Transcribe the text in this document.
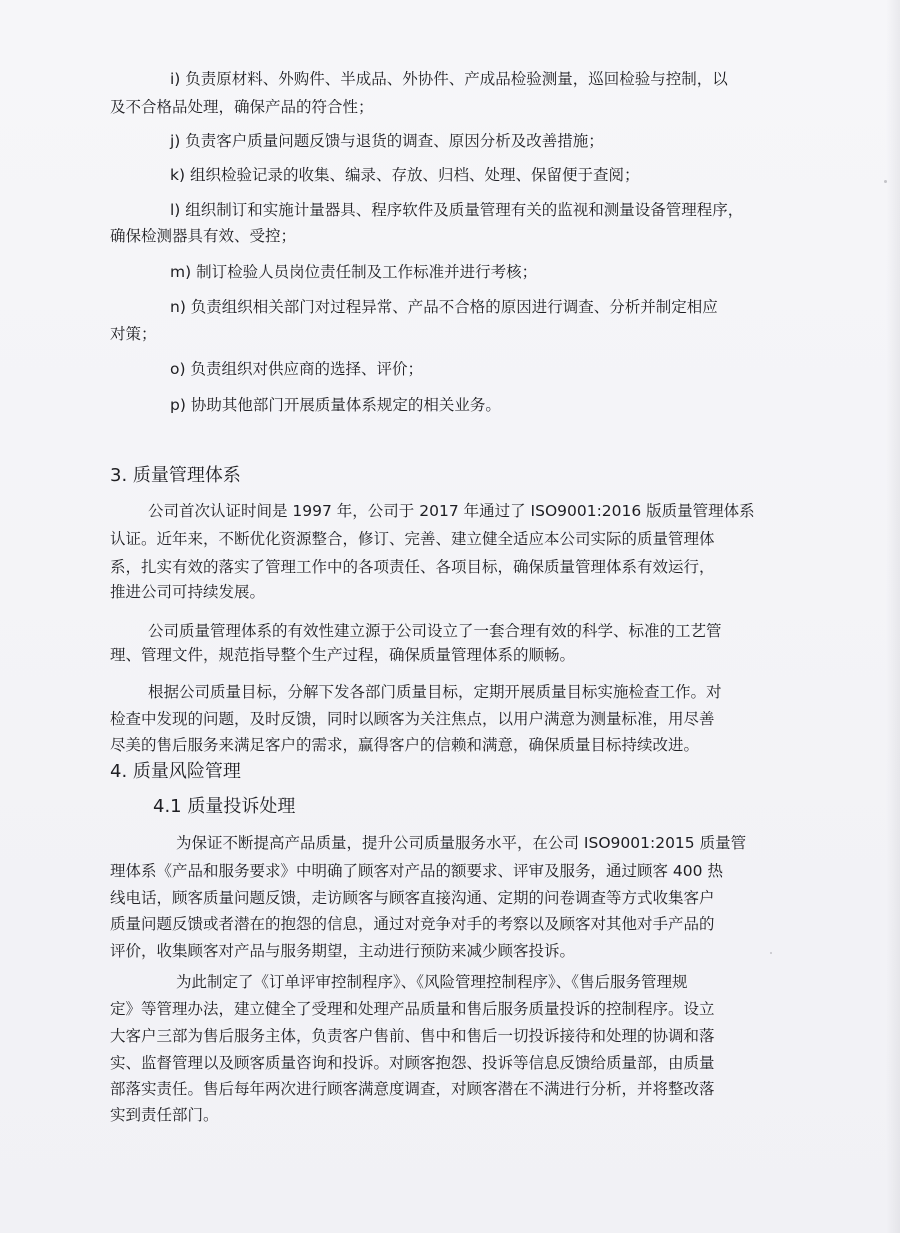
i) 负责原材料、外购件、半成品、外协件、产成品检验测量，巡回检验与控制，以
及不合格品处理，确保产品的符合性；
j) 负责客户质量问题反馈与退货的调查、原因分析及改善措施；
k) 组织检验记录的收集、编录、存放、归档、处理、保留便于查阅；
l) 组织制订和实施计量器具、程序软件及质量管理有关的监视和测量设备管理程序，
确保检测器具有效、受控；
m) 制订检验人员岗位责任制及工作标准并进行考核；
n) 负责组织相关部门对过程异常、产品不合格的原因进行调查、分析并制定相应
对策；
o) 负责组织对供应商的选择、评价；
p) 协助其他部门开展质量体系规定的相关业务。
3. 质量管理体系
公司首次认证时间是 1997 年，公司于 2017 年通过了 ISO9001:2016 版质量管理体系
认证。近年来，不断优化资源整合，修订、完善、建立健全适应本公司实际的质量管理体
系，扎实有效的落实了管理工作中的各项责任、各项目标，确保质量管理体系有效运行，
推进公司可持续发展。
公司质量管理体系的有效性建立源于公司设立了一套合理有效的科学、标准的工艺管
理、管理文件，规范指导整个生产过程，确保质量管理体系的顺畅。
根据公司质量目标，分解下发各部门质量目标，定期开展质量目标实施检查工作。对
检查中发现的问题，及时反馈，同时以顾客为关注焦点，以用户满意为测量标准，用尽善
尽美的售后服务来满足客户的需求，赢得客户的信赖和满意，确保质量目标持续改进。
4. 质量风险管理
4.1 质量投诉处理
为保证不断提高产品质量，提升公司质量服务水平，在公司 ISO9001:2015 质量管
理体系《产品和服务要求》中明确了顾客对产品的额要求、评审及服务，通过顾客 400 热
线电话，顾客质量问题反馈，走访顾客与顾客直接沟通、定期的问卷调查等方式收集客户
质量问题反馈或者潜在的抱怨的信息，通过对竞争对手的考察以及顾客对其他对手产品的
评价，收集顾客对产品与服务期望，主动进行预防来减少顾客投诉。
为此制定了《订单评审控制程序》、《风险管理控制程序》、《售后服务管理规
定》等管理办法，建立健全了受理和处理产品质量和售后服务质量投诉的控制程序。设立
大客户三部为售后服务主体，负责客户售前、售中和售后一切投诉接待和处理的协调和落
实、监督管理以及顾客质量咨询和投诉。对顾客抱怨、投诉等信息反馈给质量部，由质量
部落实责任。售后每年两次进行顾客满意度调查，对顾客潜在不满进行分析，并将整改落
实到责任部门。
